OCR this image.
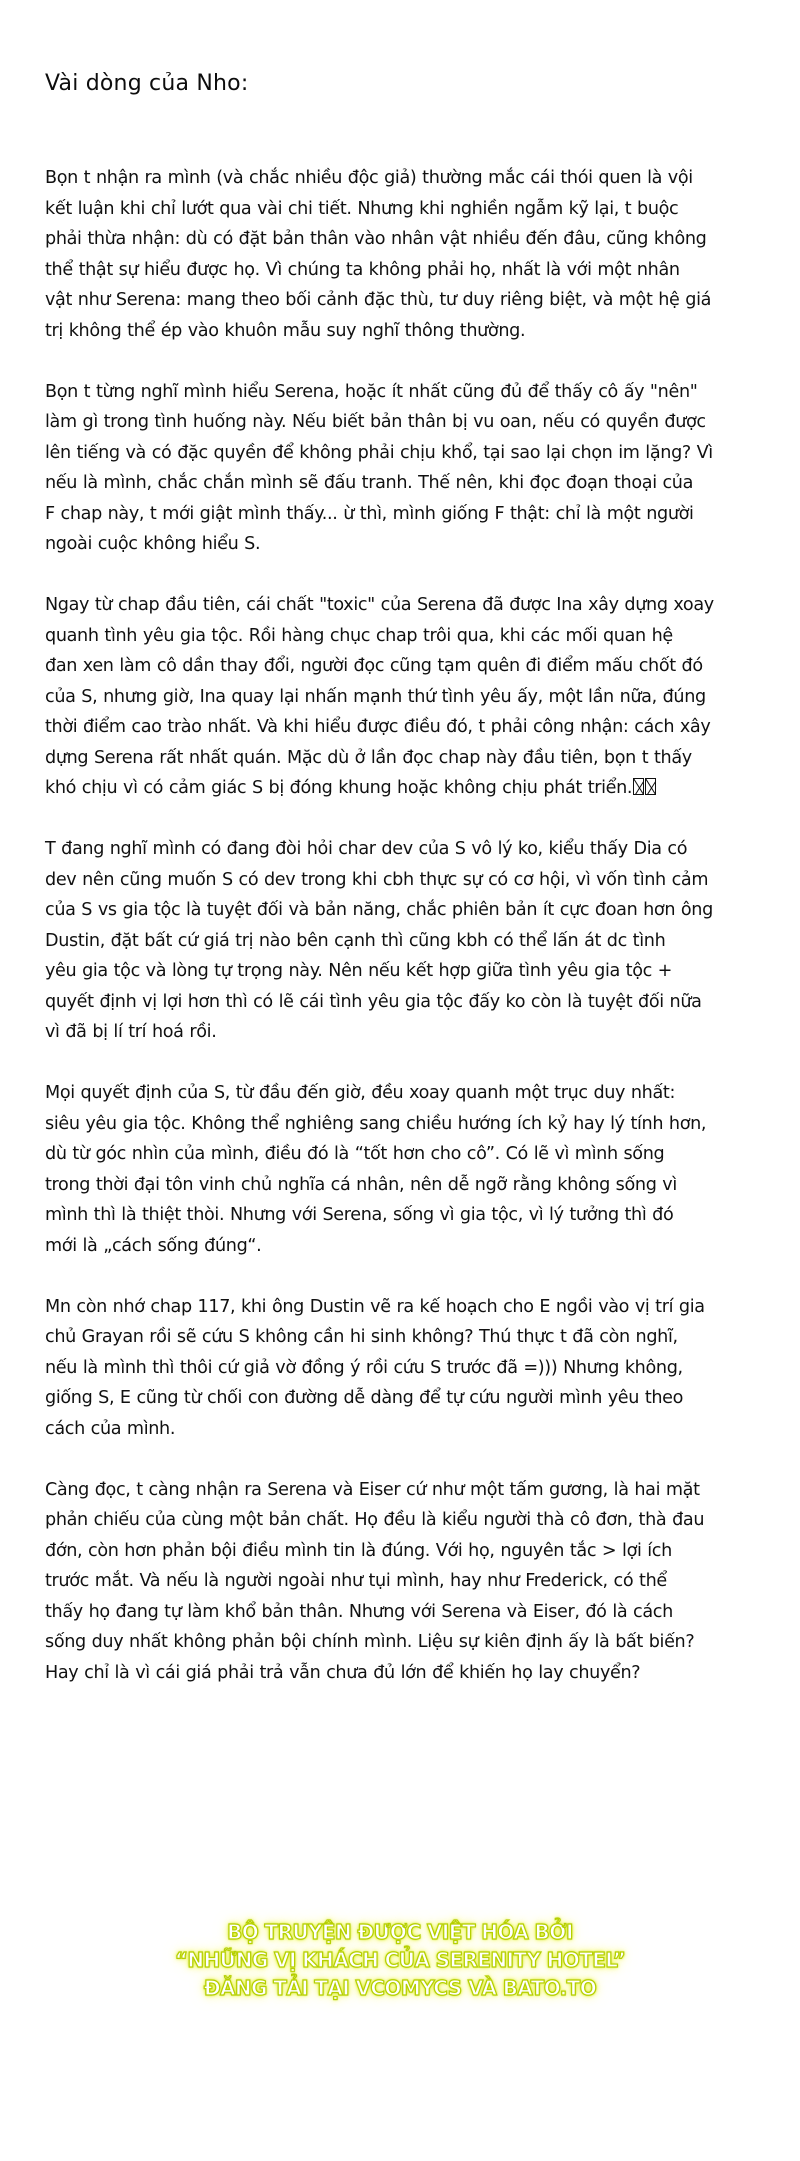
Vài dòng của Nho:

Bọn t nhận ra mình (và chắc nhiều độc giả) thường mắc cái thói quen là vội
kết luận khi chỉ lướt qua vài chi tiết. Nhưng khi nghiền ngẫm kỹ lại, t buộc
phải thừa nhận: dù có đặt bản thân vào nhân vật nhiều đến đâu, cũng không
thể thật sự hiểu được họ. Vì chúng ta không phải họ, nhất là với một nhân
vật như Serena: mang theo bối cảnh đặc thù, tư duy riêng biệt, và một hệ giá
trị không thể ép vào khuôn mẫu suy nghĩ thông thường.

Bọn t từng nghĩ mình hiểu Serena, hoặc ít nhất cũng đủ để thấy cô ấy "nên"
làm gì trong tình huống này. Nếu biết bản thân bị vu oan, nếu có quyền được
lên tiếng và có đặc quyền để không phải chịu khổ, tại sao lại chọn im lặng? Vì
nếu là mình, chắc chắn mình sẽ đấu tranh. Thế nên, khi đọc đoạn thoại của
F chap này, t mới giật mình thấy... ừ thì, mình giống F thật: chỉ là một người
ngoài cuộc không hiểu S.

Ngay từ chap đầu tiên, cái chất "toxic" của Serena đã được Ina xây dựng xoay
quanh tình yêu gia tộc. Rồi hàng chục chap trôi qua, khi các mối quan hệ
đan xen làm cô dần thay đổi, người đọc cũng tạm quên đi điểm mấu chốt đó
của S, nhưng giờ, Ina quay lại nhấn mạnh thứ tình yêu ấy, một lần nữa, đúng
thời điểm cao trào nhất. Và khi hiểu được điều đó, t phải công nhận: cách xây
dựng Serena rất nhất quán. Mặc dù ở lần đọc chap này đầu tiên, bọn t thấy
khó chịu vì có cảm giác S bị đóng khung hoặc không chịu phát triển.

T đang nghĩ mình có đang đòi hỏi char dev của S vô lý ko, kiểu thấy Dia có
dev nên cũng muốn S có dev trong khi cbh thực sự có cơ hội, vì vốn tình cảm
của S vs gia tộc là tuyệt đối và bản năng, chắc phiên bản ít cực đoan hơn ông
Dustin, đặt bất cứ giá trị nào bên cạnh thì cũng kbh có thể lấn át dc tình
yêu gia tộc và lòng tự trọng này. Nên nếu kết hợp giữa tình yêu gia tộc +
quyết định vị lợi hơn thì có lẽ cái tình yêu gia tộc đấy ko còn là tuyệt đối nữa
vì đã bị lí trí hoá rồi.

Mọi quyết định của S, từ đầu đến giờ, đều xoay quanh một trục duy nhất:
siêu yêu gia tộc. Không thể nghiêng sang chiều hướng ích kỷ hay lý tính hơn,
dù từ góc nhìn của mình, điều đó là “tốt hơn cho cô”. Có lẽ vì mình sống
trong thời đại tôn vinh chủ nghĩa cá nhân, nên dễ ngỡ rằng không sống vì
mình thì là thiệt thòi. Nhưng với Serena, sống vì gia tộc, vì lý tưởng thì đó
mới là „cách sống đúng“.

Mn còn nhớ chap 117, khi ông Dustin vẽ ra kế hoạch cho E ngồi vào vị trí gia
chủ Grayan rồi sẽ cứu S không cần hi sinh không? Thú thực t đã còn nghĩ,
nếu là mình thì thôi cứ giả vờ đồng ý rồi cứu S trước đã =))) Nhưng không,
giống S, E cũng từ chối con đường dễ dàng để tự cứu người mình yêu theo
cách của mình.

Càng đọc, t càng nhận ra Serena và Eiser cứ như một tấm gương, là hai mặt
phản chiếu của cùng một bản chất. Họ đều là kiểu người thà cô đơn, thà đau
đớn, còn hơn phản bội điều mình tin là đúng. Với họ, nguyên tắc > lợi ích
trước mắt. Và nếu là người ngoài như tụi mình, hay như Frederick, có thể
thấy họ đang tự làm khổ bản thân. Nhưng với Serena và Eiser, đó là cách
sống duy nhất không phản bội chính mình. Liệu sự kiên định ấy là bất biến?
Hay chỉ là vì cái giá phải trả vẫn chưa đủ lớn để khiến họ lay chuyển?

BỘ TRUYỆN ĐƯỢC VIỆT HÓA BỞI
“NHỮNG VỊ KHÁCH CỦA SERENITY HOTEL”
ĐĂNG TẢI TẠI VCOMYCS VÀ BATO.TO
